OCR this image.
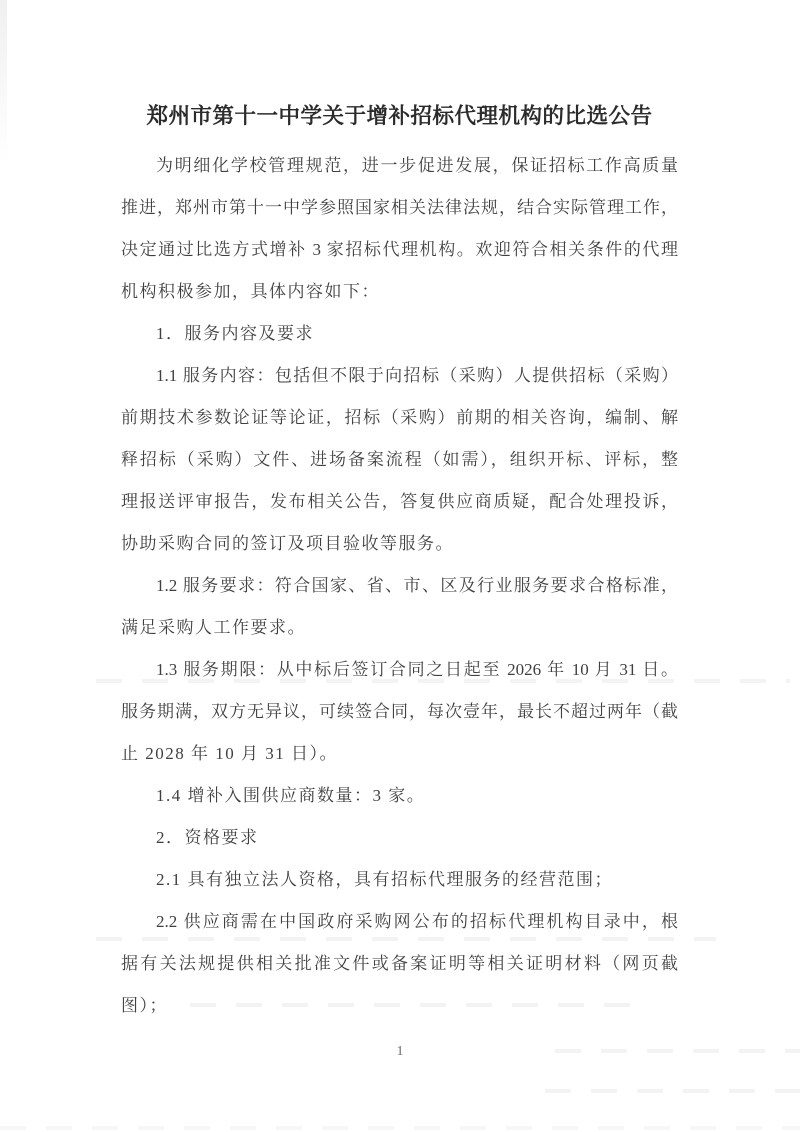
郑州市第十一中学关于增补招标代理机构的比选公告
为明细化学校管理规范，进一步促进发展，保证招标工作高质量
推进，郑州市第十一中学参照国家相关法律法规，结合实际管理工作，
决定通过比选方式增补 3 家招标代理机构。欢迎符合相关条件的代理
机构积极参加，具体内容如下：
1．服务内容及要求
1.1 服务内容：包括但不限于向招标（采购）人提供招标（采购）
前期技术参数论证等论证，招标（采购）前期的相关咨询，编制、解
释招标（采购）文件、进场备案流程（如需），组织开标、评标，整
理报送评审报告，发布相关公告，答复供应商质疑，配合处理投诉，
协助采购合同的签订及项目验收等服务。
1.2 服务要求：符合国家、省、市、区及行业服务要求合格标准，
满足采购人工作要求。
1.3 服务期限：从中标后签订合同之日起至 2026 年 10 月 31 日。
服务期满，双方无异议，可续签合同，每次壹年，最长不超过两年（截
止 2028 年 10 月 31 日）。
1.4 增补入围供应商数量：3 家。
2．资格要求
2.1 具有独立法人资格，具有招标代理服务的经营范围；
2.2 供应商需在中国政府采购网公布的招标代理机构目录中，根
据有关法规提供相关批准文件或备案证明等相关证明材料（网页截
图）；
1
